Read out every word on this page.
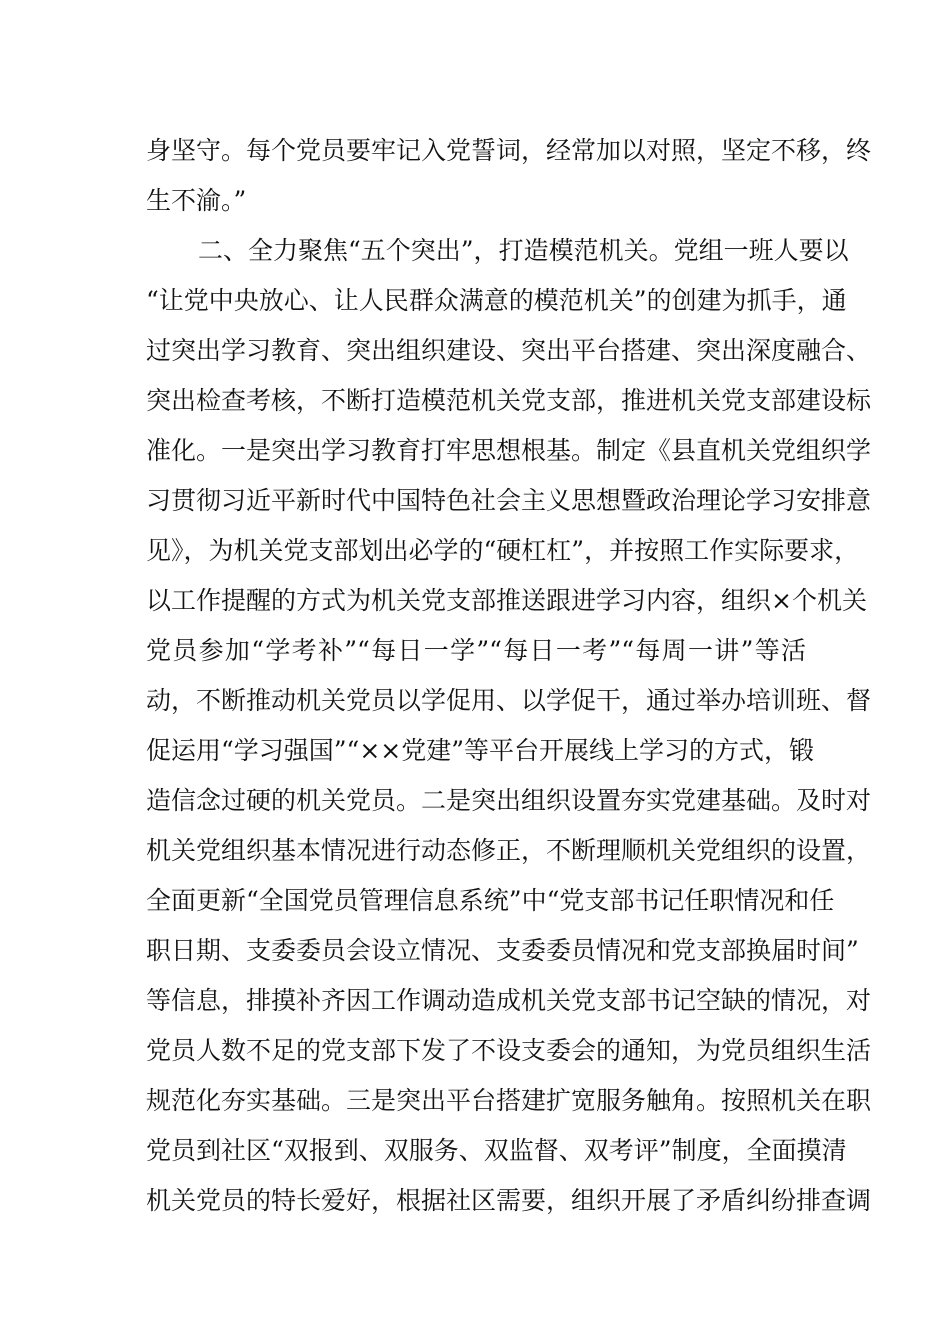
身坚守。每个党员要牢记入党誓词，经常加以对照，坚定不移，终
生不渝。”
二、全力聚焦“五个突出”，打造模范机关。党组一班人要以
“让党中央放心、让人民群众满意的模范机关”的创建为抓手，通
过突出学习教育、突出组织建设、突出平台搭建、突出深度融合、
突出检查考核，不断打造模范机关党支部，推进机关党支部建设标
准化。一是突出学习教育打牢思想根基。制定《县直机关党组织学
习贯彻习近平新时代中国特色社会主义思想暨政治理论学习安排意
见》，为机关党支部划出必学的“硬杠杠”，并按照工作实际要求，
以工作提醒的方式为机关党支部推送跟进学习内容，组织×个机关
党员参加“学考补”“每日一学”“每日一考”“每周一讲”等活
动，不断推动机关党员以学促用、以学促干，通过举办培训班、督
促运用“学习强国”“××党建”等平台开展线上学习的方式，锻
造信念过硬的机关党员。二是突出组织设置夯实党建基础。及时对
机关党组织基本情况进行动态修正，不断理顺机关党组织的设置，
全面更新“全国党员管理信息系统”中“党支部书记任职情况和任
职日期、支委委员会设立情况、支委委员情况和党支部换届时间”
等信息，排摸补齐因工作调动造成机关党支部书记空缺的情况，对
党员人数不足的党支部下发了不设支委会的通知，为党员组织生活
规范化夯实基础。三是突出平台搭建扩宽服务触角。按照机关在职
党员到社区“双报到、双服务、双监督、双考评”制度，全面摸清
机关党员的特长爱好，根据社区需要，组织开展了矛盾纠纷排查调
